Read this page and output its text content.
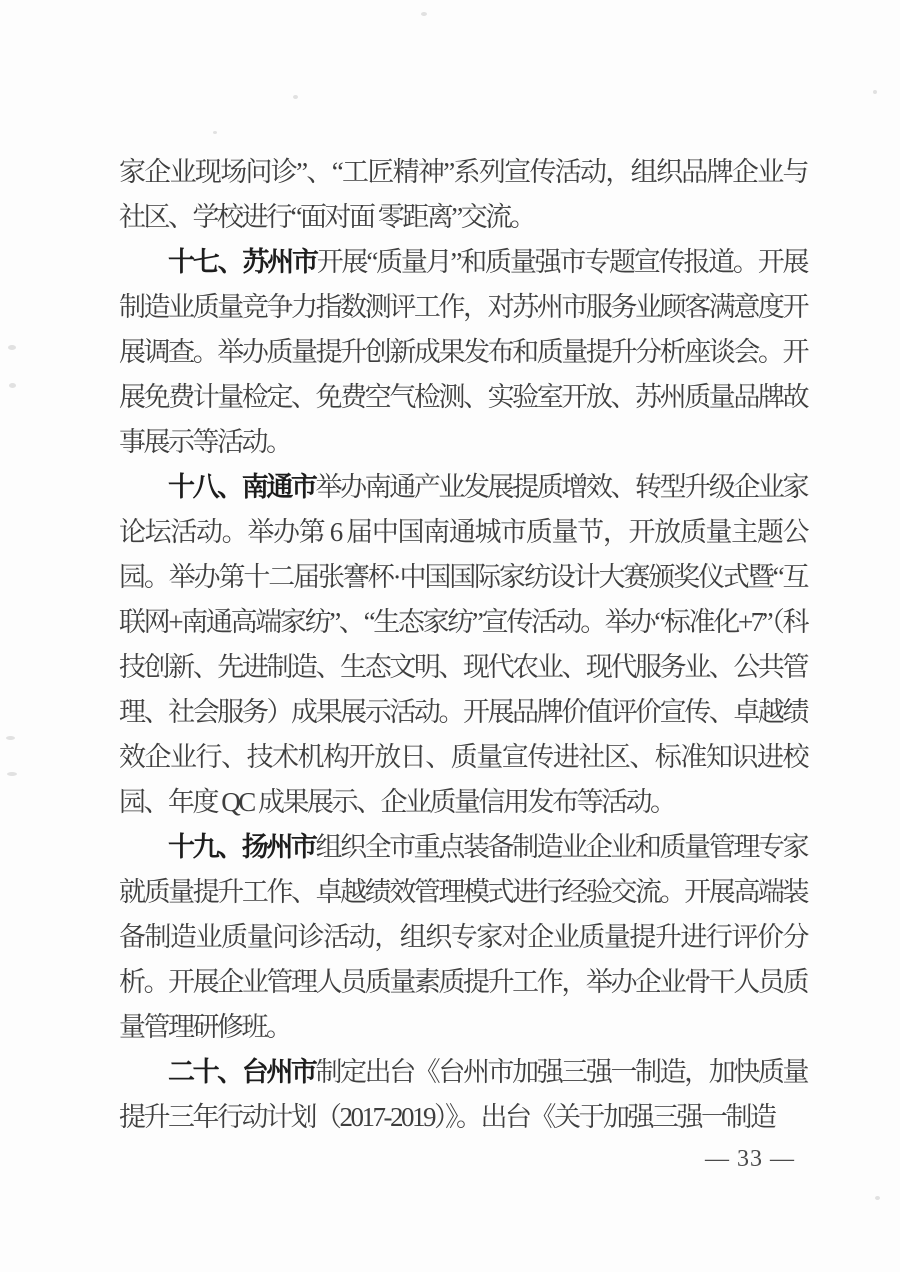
家企业现场问诊”、“工匠精神”系列宣传活动，组织品牌企业与社区、学校进行“面对面 零距离”交流。

十七、苏州市开展“质量月”和质量强市专题宣传报道。开展制造业质量竞争力指数测评工作，对苏州市服务业顾客满意度开展调查。举办质量提升创新成果发布和质量提升分析座谈会。开展免费计量检定、免费空气检测、实验室开放、苏州质量品牌故事展示等活动。

十八、南通市举办南通产业发展提质增效、转型升级企业家论坛活动。举办第 6 届中国南通城市质量节，开放质量主题公园。举办第十二届张謇杯·中国国际家纺设计大赛颁奖仪式暨“互联网+南通高端家纺”、“生态家纺”宣传活动。举办“标准化+7”（科技创新、先进制造、生态文明、现代农业、现代服务业、公共管理、社会服务）成果展示活动。开展品牌价值评价宣传、卓越绩效企业行、技术机构开放日、质量宣传进社区、标准知识进校园、年度 QC 成果展示、企业质量信用发布等活动。

十九、扬州市组织全市重点装备制造业企业和质量管理专家就质量提升工作、卓越绩效管理模式进行经验交流。开展高端装备制造业质量问诊活动，组织专家对企业质量提升进行评价分析。开展企业管理人员质量素质提升工作，举办企业骨干人员质量管理研修班。

二十、台州市制定出台《台州市加强三强一制造，加快质量提升三年行动计划（2017-2019）》。出台《关于加强三强一制造

— 33 —
